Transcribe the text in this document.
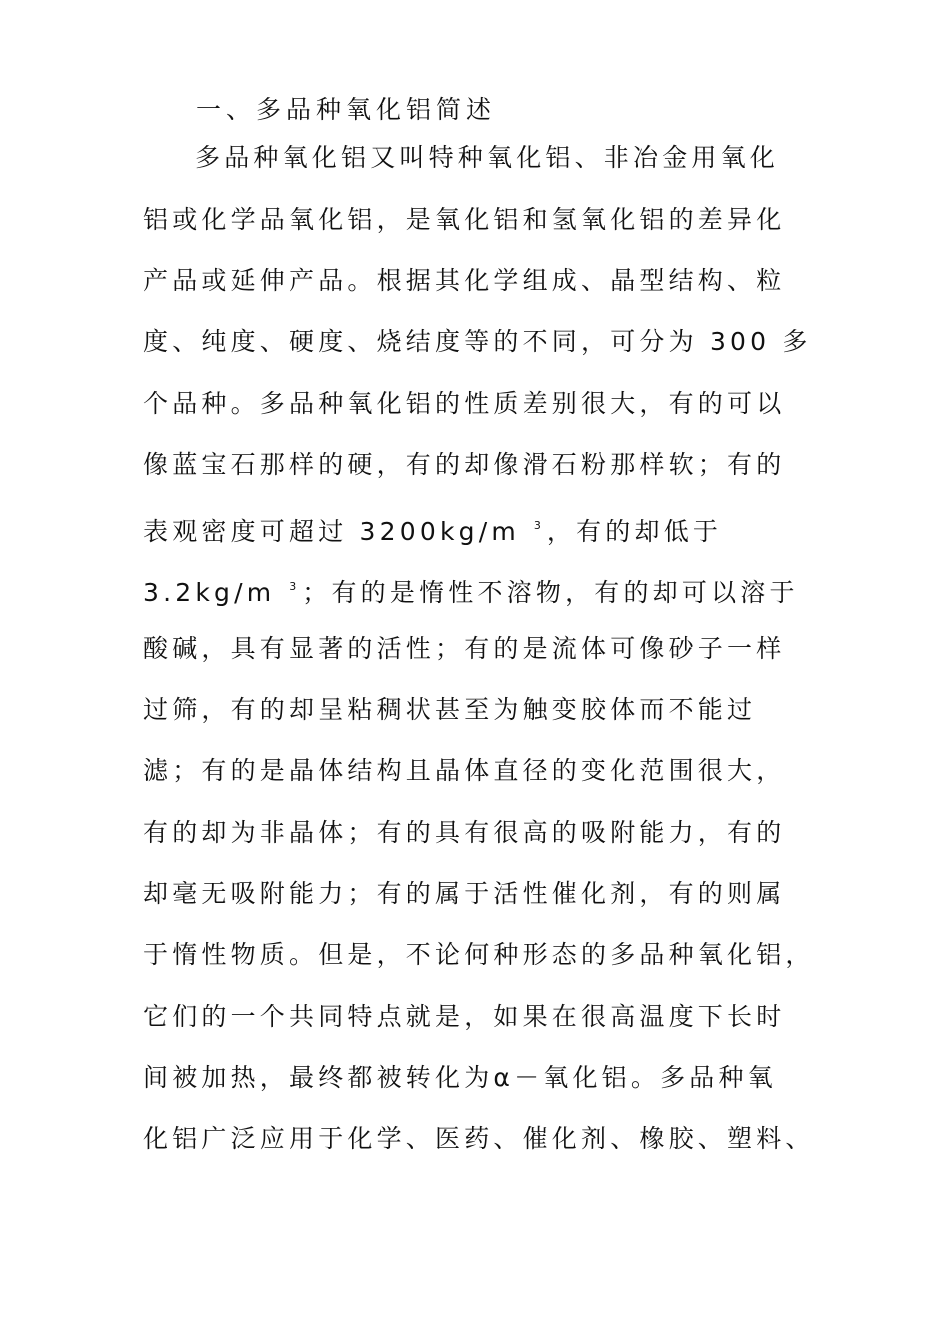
一、多品种氧化铝简述
多品种氧化铝又叫特种氧化铝、非冶金用氧化
铝或化学品氧化铝，是氧化铝和氢氧化铝的差异化
产品或延伸产品。根据其化学组成、晶型结构、粒
度、纯度、硬度、烧结度等的不同，可分为 300 多
个品种。多品种氧化铝的性质差别很大，有的可以
像蓝宝石那样的硬，有的却像滑石粉那样软；有的
表观密度可超过 3200kg/m $^3$ ，有的却低于
3.2kg/m $^3$ ；有的是惰性不溶物，有的却可以溶于
酸碱，具有显著的活性；有的是流体可像砂子一样
过筛，有的却呈粘稠状甚至为触变胶体而不能过
滤；有的是晶体结构且晶体直径的变化范围很大，
有的却为非晶体；有的具有很高的吸附能力，有的
却毫无吸附能力；有的属于活性催化剂，有的则属
于惰性物质。但是，不论何种形态的多品种氧化铝，
它们的一个共同特点就是，如果在很高温度下长时
间被加热，最终都被转化为α－氧化铝。多品种氧
化铝广泛应用于化学、医药、催化剂、橡胶、塑料、
